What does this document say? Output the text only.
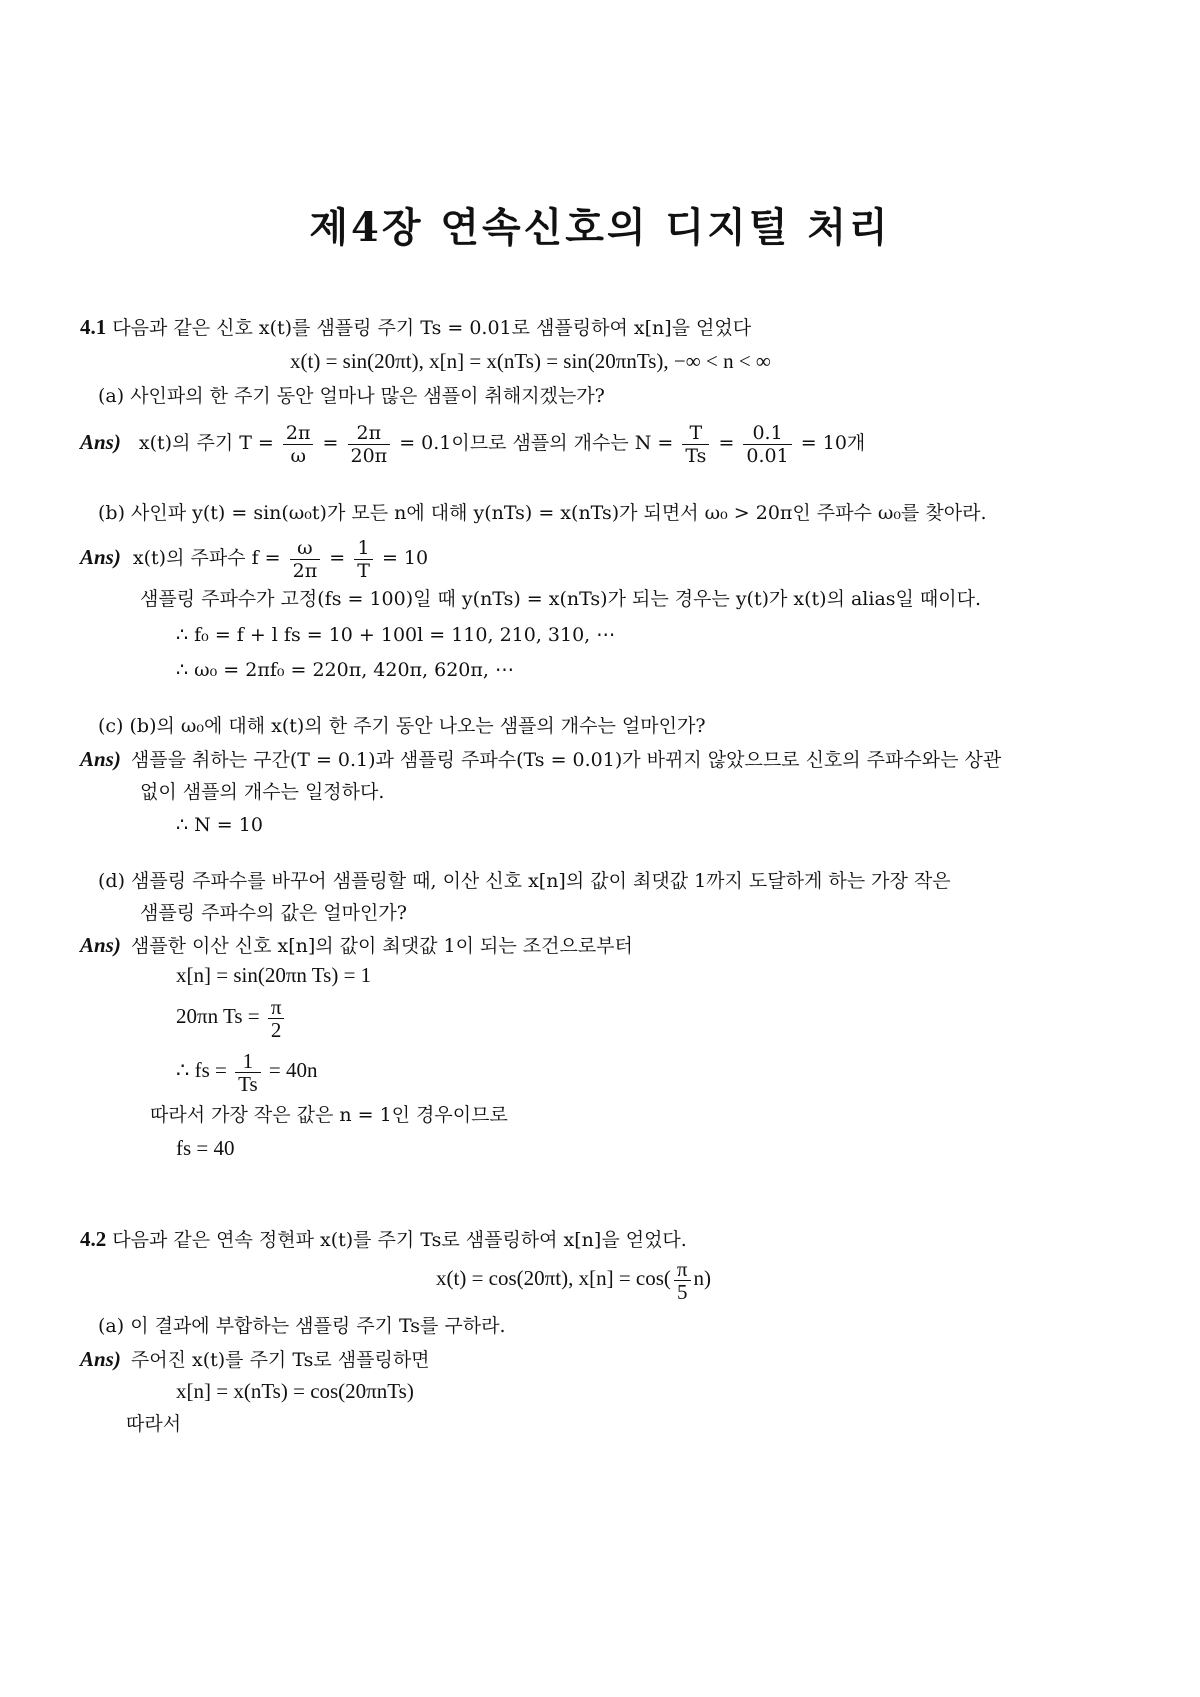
제4장 연속신호의 디지털 처리
4.1 다음과 같은 신호 x(t)를 샘플링 주기 Ts = 0.01로 샘플링하여 x[n]을 얻었다
x(t) = sin(20πt), x[n] = x(nTs) = sin(20πnTs), −∞ < n < ∞
(a) 사인파의 한 주기 동안 얼마나 많은 샘플이 취해지겠는가?
Ans) x(t)의 주기 $T = \frac{2\pi}{\omega} = \frac{2\pi}{20\pi} = 0.1$이므로 샘플의 개수는 $N = \frac{T}{Ts} = \frac{0.1}{0.01} = 10$개
(b) 사인파 y(t) = sin(ω₀t)가 모든 n에 대해 y(nTs) = x(nTs)가 되면서 ω₀ > 20π인 주파수 ω₀를 찾아라.
Ans) x(t)의 주파수 $f = \frac{\omega}{2\pi} = \frac{1}{T} = 10$
샘플링 주파수가 고정(fs = 100)일 때 y(nTs) = x(nTs)가 되는 경우는 y(t)가 x(t)의 alias일 때이다.
∴ f₀ = f + l fs = 10 + 100l = 110, 210, 310, ⋯
∴ ω₀ = 2πf₀ = 220π, 420π, 620π, ⋯
(c) (b)의 ω₀에 대해 x(t)의 한 주기 동안 나오는 샘플의 개수는 얼마인가?
Ans) 샘플을 취하는 구간(T = 0.1)과 샘플링 주파수(Ts = 0.01)가 바뀌지 않았으므로 신호의 주파수와는 상관
없이 샘플의 개수는 일정하다.
∴ N = 10
(d) 샘플링 주파수를 바꾸어 샘플링할 때, 이산 신호 x[n]의 값이 최댓값 1까지 도달하게 하는 가장 작은
샘플링 주파수의 값은 얼마인가?
Ans) 샘플한 이산 신호 x[n]의 값이 최댓값 1이 되는 조건으로부터
x[n] = sin(20πn Ts) = 1
20πn $Ts = \frac{\pi}{2}$
∴ fs = $\frac{1}{Ts} = 40n$
따라서 가장 작은 값은 n = 1인 경우이므로
fs = 40
4.2 다음과 같은 연속 정현파 x(t)를 주기 Ts로 샘플링하여 x[n]을 얻었다.
x(t) = cos(20πt), $x[n] = \cos( \frac{\pi}{5} n)$
(a) 이 결과에 부합하는 샘플링 주기 Ts를 구하라.
Ans) 주어진 x(t)를 주기 Ts로 샘플링하면
x[n] = x(nTs) = cos(20πnTs)
따라서
